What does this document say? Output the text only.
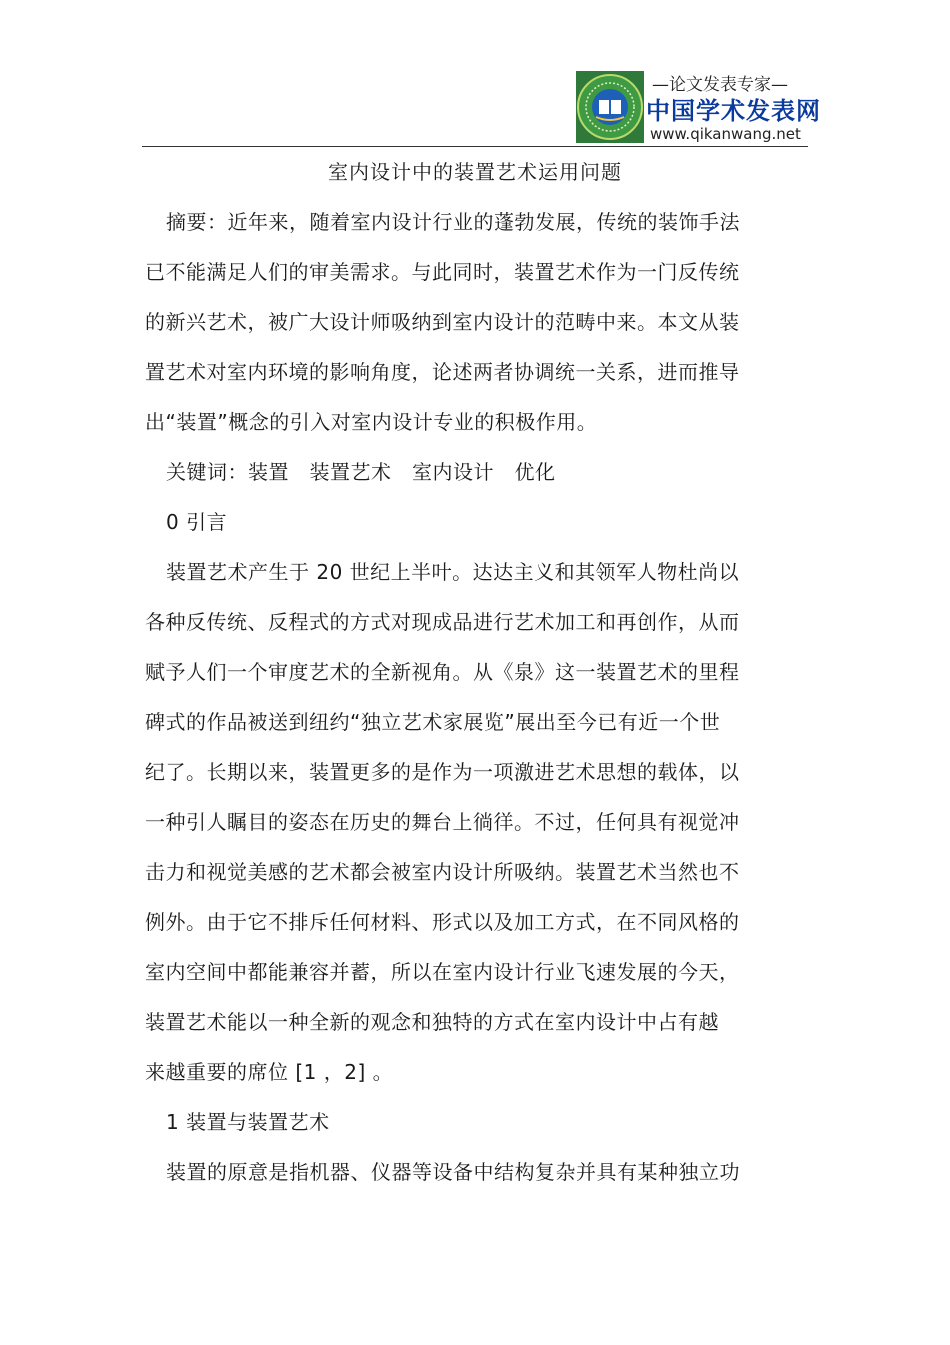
—论文发表专家—
中国学术发表网
www.qikanwang.net
室内设计中的装置艺术运用问题
摘要：近年来，随着室内设计行业的蓬勃发展，传统的装饰手法
已不能满足人们的审美需求。与此同时，装置艺术作为一门反传统
的新兴艺术，被广大设计师吸纳到室内设计的范畴中来。本文从装
置艺术对室内环境的影响角度，论述两者协调统一关系，进而推导
出“装置”概念的引入对室内设计专业的积极作用。
关键词：装置　装置艺术　室内设计　优化
0 引言
装置艺术产生于 20 世纪上半叶。达达主义和其领军人物杜尚以
各种反传统、反程式的方式对现成品进行艺术加工和再创作，从而
赋予人们一个审度艺术的全新视角。从《泉》这一装置艺术的里程
碑式的作品被送到纽约“独立艺术家展览”展出至今已有近一个世
纪了。长期以来，装置更多的是作为一项激进艺术思想的载体，以
一种引人瞩目的姿态在历史的舞台上徜徉。不过，任何具有视觉冲
击力和视觉美感的艺术都会被室内设计所吸纳。装置艺术当然也不
例外。由于它不排斥任何材料、形式以及加工方式，在不同风格的
室内空间中都能兼容并蓄，所以在室内设计行业飞速发展的今天，
装置艺术能以一种全新的观念和独特的方式在室内设计中占有越
来越重要的席位 [1 ，2] 。
1 装置与装置艺术
装置的原意是指机器、仪器等设备中结构复杂并具有某种独立功
